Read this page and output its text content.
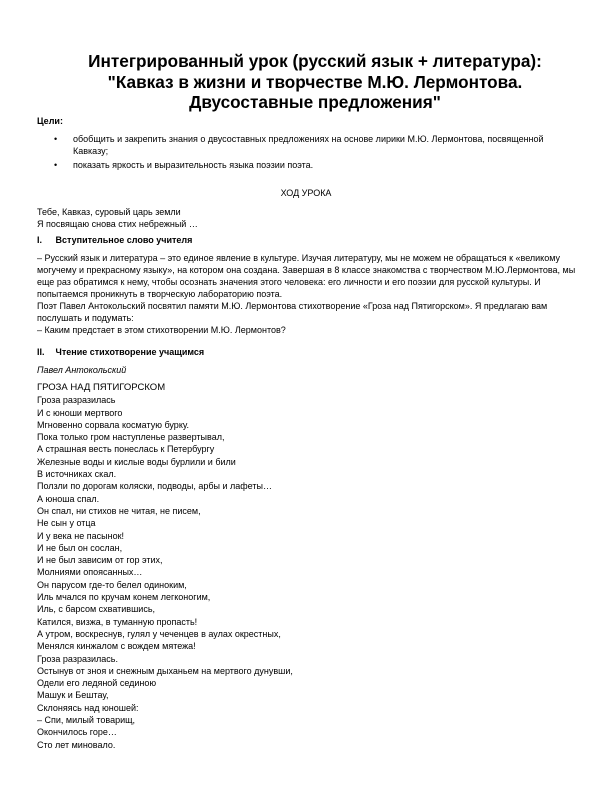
Интегрированный урок (русский язык + литература):
"Кавказ в жизни и творчестве М.Ю. Лермонтова.
Двусоставные предложения"
Цели:
• обобщить и закрепить знания о двусоставных предложениях на основе лирики М.Ю. Лермонтова, посвященной Кавказу;
• показать яркость и выразительность языка поэзии поэта.
ХОД УРОКА
Тебе, Кавказ, суровый царь земли
Я посвящаю снова стих небрежный …
I. Вступительное слово учителя

– Русский язык и литература – это единое явление в культуре. Изучая литературу, мы не можем не обращаться к «великому могучему и прекрасному языку», на котором она создана. Завершая в 8 классе знакомства с творчеством М.Ю.Лермонтова, мы еще раз обратимся к нему, чтобы осознать значения этого человека: его личности и его поэзии для русской культуры. И попытаемся проникнуть в творческую лабораторию поэта.

Поэт Павел Антокольский посвятил памяти М.Ю. Лермонтова стихотворение «Гроза над Пятигорском». Я предлагаю вам послушать и подумать:

– Каким предстает в этом стихотворении М.Ю. Лермонтов?

II. Чтение стихотворение учащимся
Павел Антокольский
ГРОЗА НАД ПЯТИГОРСКОМ
Гроза разразилась
И с юноши мертвого
Мгновенно сорвала косматую бурку.
Пока только гром наступленье развертывал,
А страшная весть понеслась к Петербургу
Железные воды и кислые воды бурлили и били
В источниках скал.
Ползли по дорогам коляски, подводы, арбы и лафеты…
А юноша спал.
Он спал, ни стихов не читая, не писем,
Не сын у отца
И у века не пасынок!
И не был он сослан,
И не был зависим от гор этих,
Молниями опоясанных…
Он парусом где-то белел одиноким,
Иль мчался по кручам конем легконогим,
Иль, с барсом схватившись,
Катился, визжа, в туманную пропасть!
А утром, воскреснув, гулял у чеченцев в аулах окрестных,
Менялся кинжалом с вождем мятежа!
Гроза разразилась.
Остынув от зноя и снежным дыханьем на мертвого дунувши,
Одели его ледяной сединою
Машук и Бештау,
Склоняясь над юношей:
– Спи, милый товарищ,
Окончилось горе…
Сто лет миновало.
